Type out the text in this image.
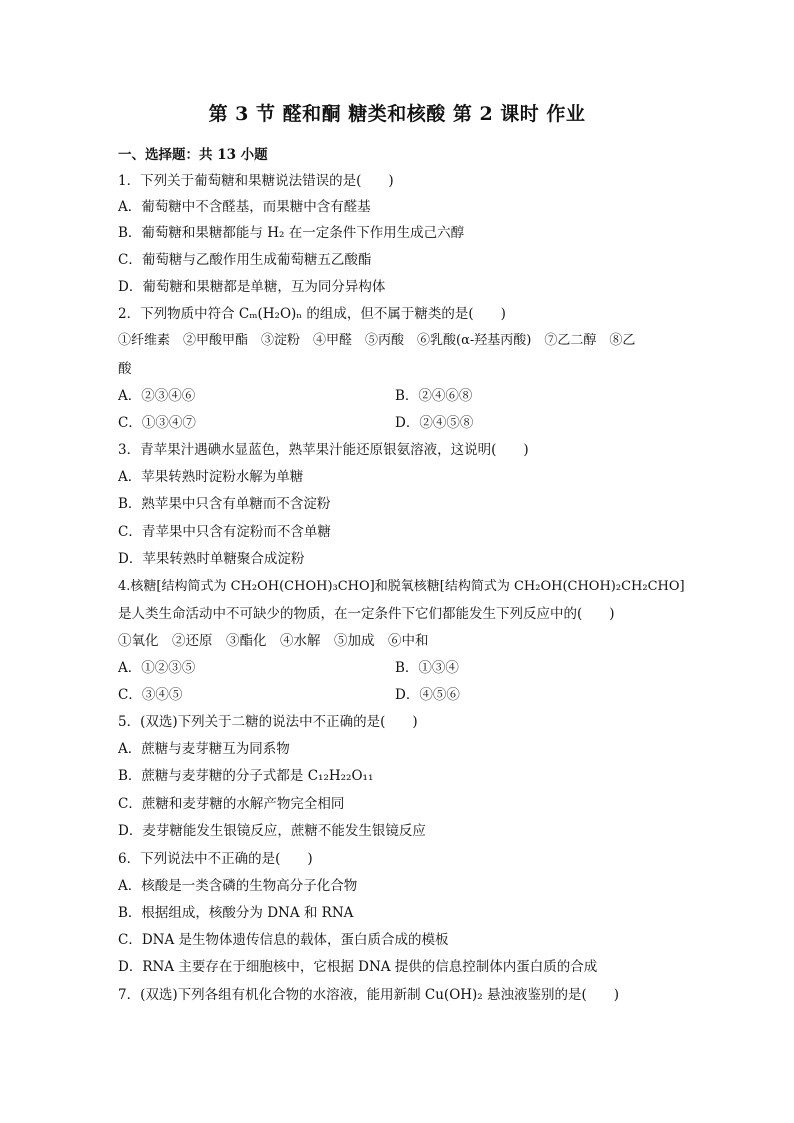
第 3 节 醛和酮 糖类和核酸 第 2 课时 作业
一、选择题：共 13 小题
1．下列关于葡萄糖和果糖说法错误的是(　　)
A．葡萄糖中不含醛基，而果糖中含有醛基
B．葡萄糖和果糖都能与 H₂ 在一定条件下作用生成己六醇
C．葡萄糖与乙酸作用生成葡萄糖五乙酸酯
D．葡萄糖和果糖都是单糖，互为同分异构体
2．下列物质中符合 Cₘ(H₂O)ₙ 的组成，但不属于糖类的是(　　)
①纤维素　②甲酸甲酯　③淀粉　④甲醛　⑤丙酸　⑥乳酸(α-羟基丙酸)　⑦乙二醇　⑧乙
酸
A．②③④⑥	B．②④⑥⑧
C．①③④⑦	D．②④⑤⑧
3．青苹果汁遇碘水显蓝色，熟苹果汁能还原银氨溶液，这说明(　　)
A．苹果转熟时淀粉水解为单糖
B．熟苹果中只含有单糖而不含淀粉
C．青苹果中只含有淀粉而不含单糖
D．苹果转熟时单糖聚合成淀粉
4.核糖[结构简式为 CH₂OH(CHOH)₃CHO]和脱氧核糖[结构简式为 CH₂OH(CHOH)₂CH₂CHO]
是人类生命活动中不可缺少的物质，在一定条件下它们都能发生下列反应中的(　　)
①氧化　②还原　③酯化　④水解　⑤加成　⑥中和
A．①②③⑤	B．①③④
C．③④⑤	D．④⑤⑥
5．(双选)下列关于二糖的说法中不正确的是(　　)
A．蔗糖与麦芽糖互为同系物
B．蔗糖与麦芽糖的分子式都是 C₁₂H₂₂O₁₁
C．蔗糖和麦芽糖的水解产物完全相同
D．麦芽糖能发生银镜反应，蔗糖不能发生银镜反应
6．下列说法中不正确的是(　　)
A．核酸是一类含磷的生物高分子化合物
B．根据组成，核酸分为 DNA 和 RNA
C．DNA 是生物体遗传信息的载体，蛋白质合成的模板
D．RNA 主要存在于细胞核中，它根据 DNA 提供的信息控制体内蛋白质的合成
7．(双选)下列各组有机化合物的水溶液，能用新制 Cu(OH)₂ 悬浊液鉴别的是(　　)
